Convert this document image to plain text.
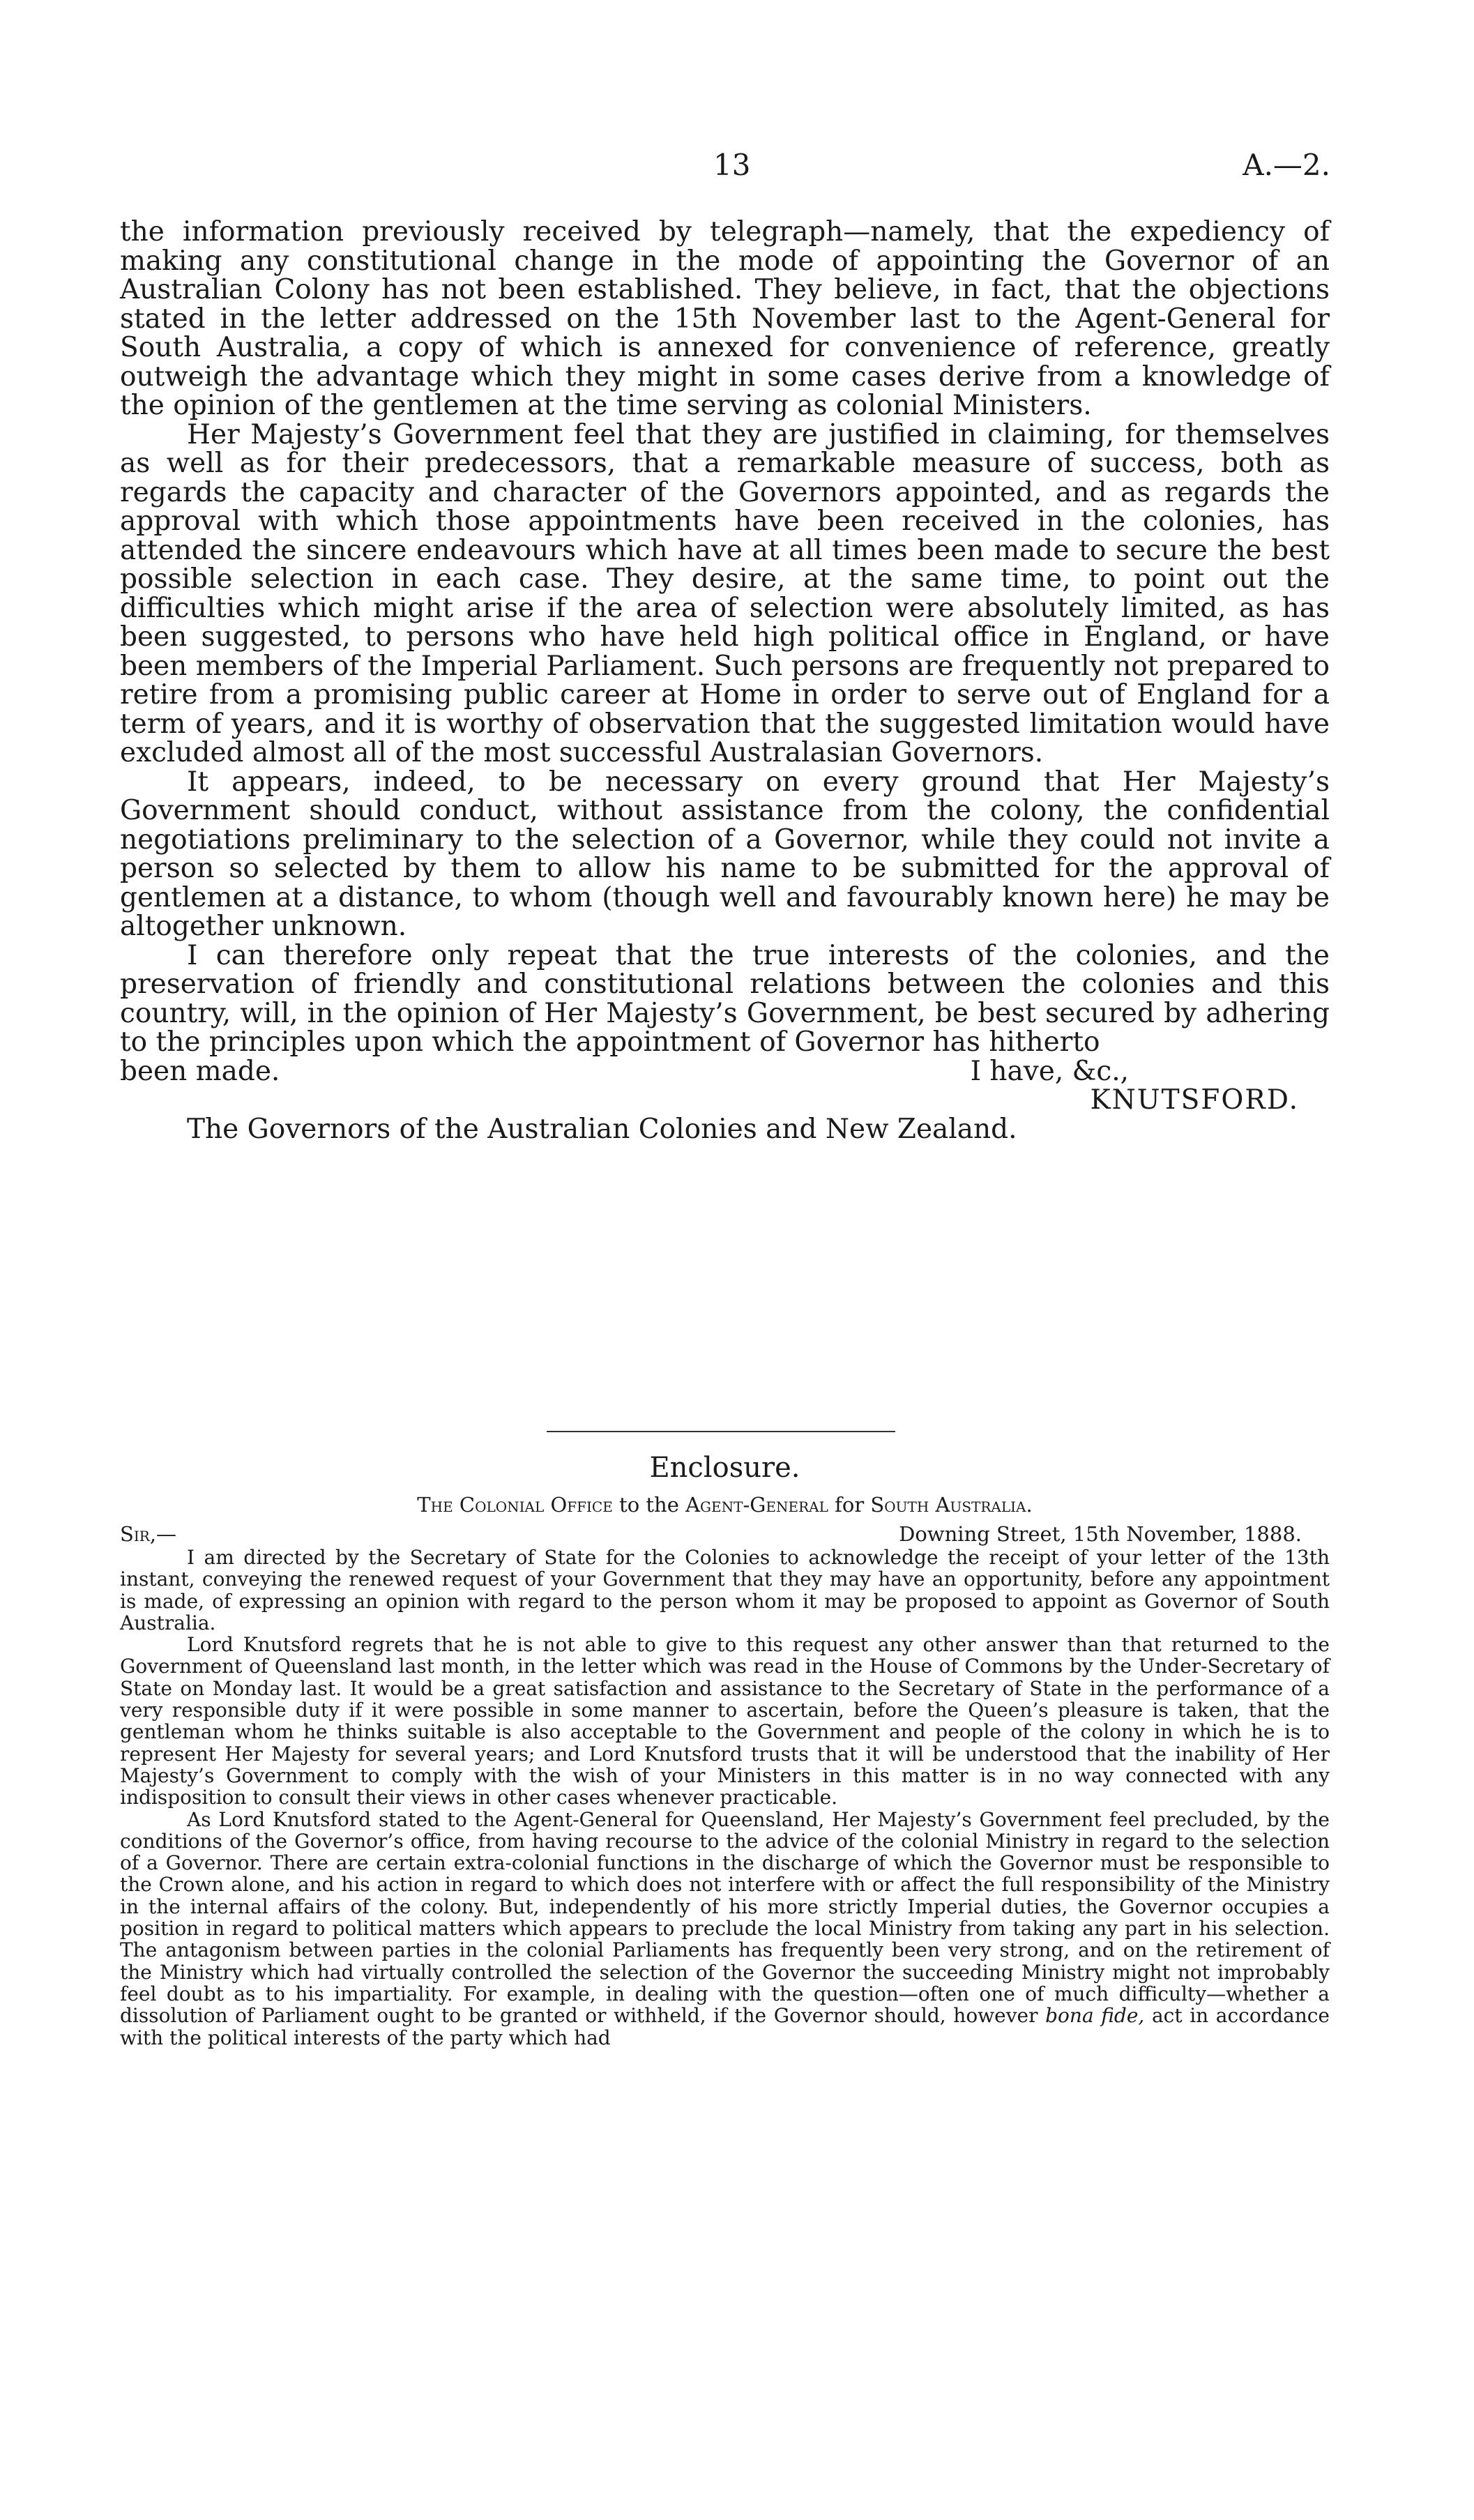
13	A.—2.

the information previously received by telegraph—namely, that the expediency of making any constitutional change in the mode of appointing the Governor of an Australian Colony has not been established. They believe, in fact, that the objections stated in the letter addressed on the 15th November last to the Agent-General for South Australia, a copy of which is annexed for convenience of reference, greatly outweigh the advantage which they might in some cases derive from a knowledge of the opinion of the gentlemen at the time serving as colonial Ministers.

Her Majesty’s Government feel that they are justified in claiming, for themselves as well as for their predecessors, that a remarkable measure of success, both as regards the capacity and character of the Governors appointed, and as regards the approval with which those appointments have been received in the colonies, has attended the sincere endeavours which have at all times been made to secure the best possible selection in each case. They desire, at the same time, to point out the difficulties which might arise if the area of selection were absolutely limited, as has been suggested, to persons who have held high political office in England, or have been members of the Imperial Parliament. Such persons are frequently not prepared to retire from a promising public career at Home in order to serve out of England for a term of years, and it is worthy of observation that the suggested limitation would have excluded almost all of the most successful Australasian Governors.

It appears, indeed, to be necessary on every ground that Her Majesty’s Government should conduct, without assistance from the colony, the confidential negotiations preliminary to the selection of a Governor, while they could not invite a person so selected by them to allow his name to be submitted for the approval of gentlemen at a distance, to whom (though well and favourably known here) he may be altogether unknown.

I can therefore only repeat that the true interests of the colonies, and the preservation of friendly and constitutional relations between the colonies and this country, will, in the opinion of Her Majesty’s Government, be best secured by adhering to the principles upon which the appointment of Governor has hitherto

been made.	I have, &c.,

KNUTSFORD.

The Governors of the Australian Colonies and New Zealand.

Enclosure.

The Colonial Office to the Agent-General for South Australia.

Sir,—	Downing Street, 15th November, 1888.

I am directed by the Secretary of State for the Colonies to acknowledge the receipt of your letter of the 13th instant, conveying the renewed request of your Government that they may have an opportunity, before any appointment is made, of expressing an opinion with regard to the person whom it may be proposed to appoint as Governor of South Australia.

Lord Knutsford regrets that he is not able to give to this request any other answer than that returned to the Government of Queensland last month, in the letter which was read in the House of Commons by the Under-Secretary of State on Monday last. It would be a great satisfaction and assistance to the Secretary of State in the performance of a very responsible duty if it were possible in some manner to ascertain, before the Queen’s pleasure is taken, that the gentleman whom he thinks suitable is also acceptable to the Government and people of the colony in which he is to represent Her Majesty for several years; and Lord Knutsford trusts that it will be understood that the inability of Her Majesty’s Government to comply with the wish of your Ministers in this matter is in no way connected with any indisposition to consult their views in other cases whenever practicable.

As Lord Knutsford stated to the Agent-General for Queensland, Her Majesty’s Government feel precluded, by the conditions of the Governor’s office, from having recourse to the advice of the colonial Ministry in regard to the selection of a Governor. There are certain extra-colonial functions in the discharge of which the Governor must be responsible to the Crown alone, and his action in regard to which does not interfere with or affect the full responsibility of the Ministry in the internal affairs of the colony. But, independently of his more strictly Imperial duties, the Governor occupies a position in regard to political matters which appears to preclude the local Ministry from taking any part in his selection. The antagonism between parties in the colonial Parliaments has frequently been very strong, and on the retirement of the Ministry which had virtually controlled the selection of the Governor the succeeding Ministry might not improbably feel doubt as to his impartiality. For example, in dealing with the question—often one of much difficulty—whether a dissolution of Parliament ought to be granted or withheld, if the Governor should, however bona fide, act in accordance with the political interests of the party which had
